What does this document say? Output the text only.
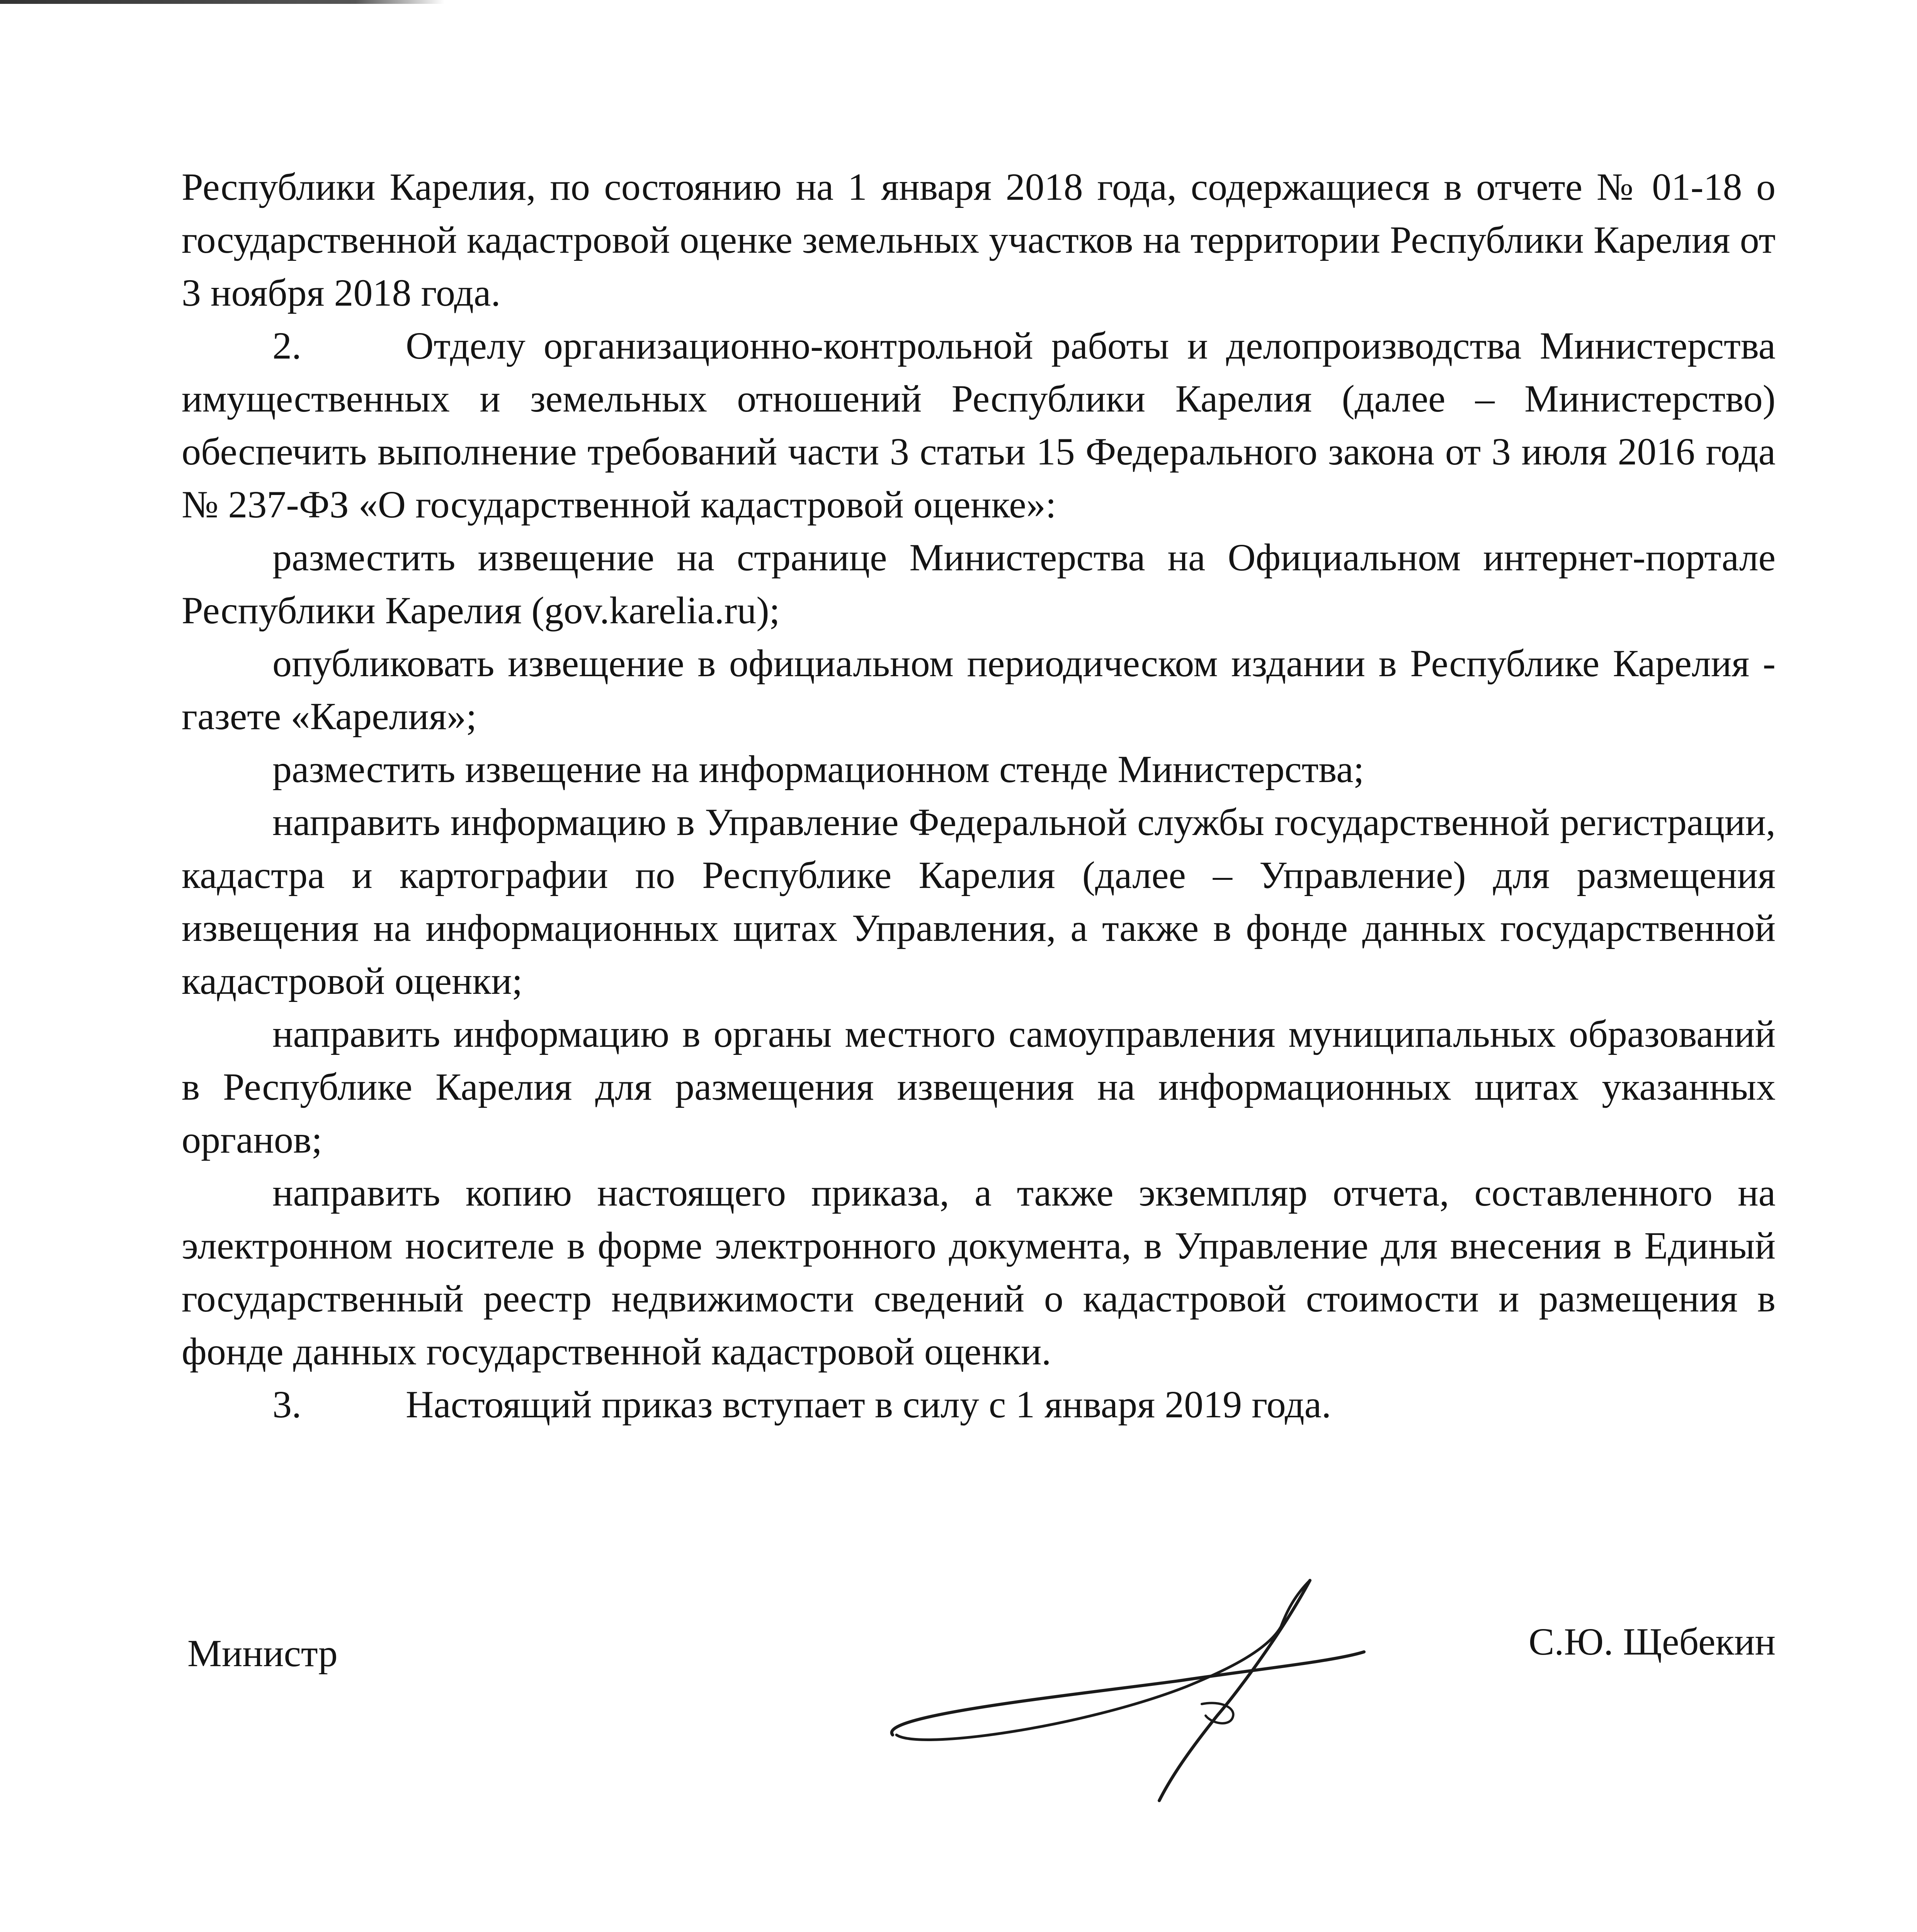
Республики Карелия, по состоянию на 1 января 2018 года, содержащиеся в отчете № 01-18 о государственной кадастровой оценке земельных участков на территории Республики Карелия от 3 ноября 2018 года.

2.	Отделу организационно-контрольной работы и делопроизводства Министерства имущественных и земельных отношений Республики Карелия (далее – Министерство) обеспечить выполнение требований части 3 статьи 15 Федерального закона от 3 июля 2016 года № 237-ФЗ «О государственной кадастровой оценке»:

разместить извещение на странице Министерства на Официальном интернет-портале Республики Карелия (gov.karelia.ru);

опубликовать извещение в официальном периодическом издании в Республике Карелия - газете «Карелия»;

разместить извещение на информационном стенде Министерства;

направить информацию в Управление Федеральной службы государственной регистрации, кадастра и картографии по Республике Карелия (далее – Управление) для размещения извещения на информационных щитах Управления, а также в фонде данных государственной кадастровой оценки;

направить информацию в органы местного самоуправления муниципальных образований в Республике Карелия для размещения извещения на информационных щитах указанных органов;

направить копию настоящего приказа, а также экземпляр отчета, составленного на электронном носителе в форме электронного документа, в Управление для внесения в Единый государственный реестр недвижимости сведений о кадастровой стоимости и размещения в фонде данных государственной кадастровой оценки.

3.	Настоящий приказ вступает в силу с 1 января 2019 года.

Министр	С.Ю. Щебекин
